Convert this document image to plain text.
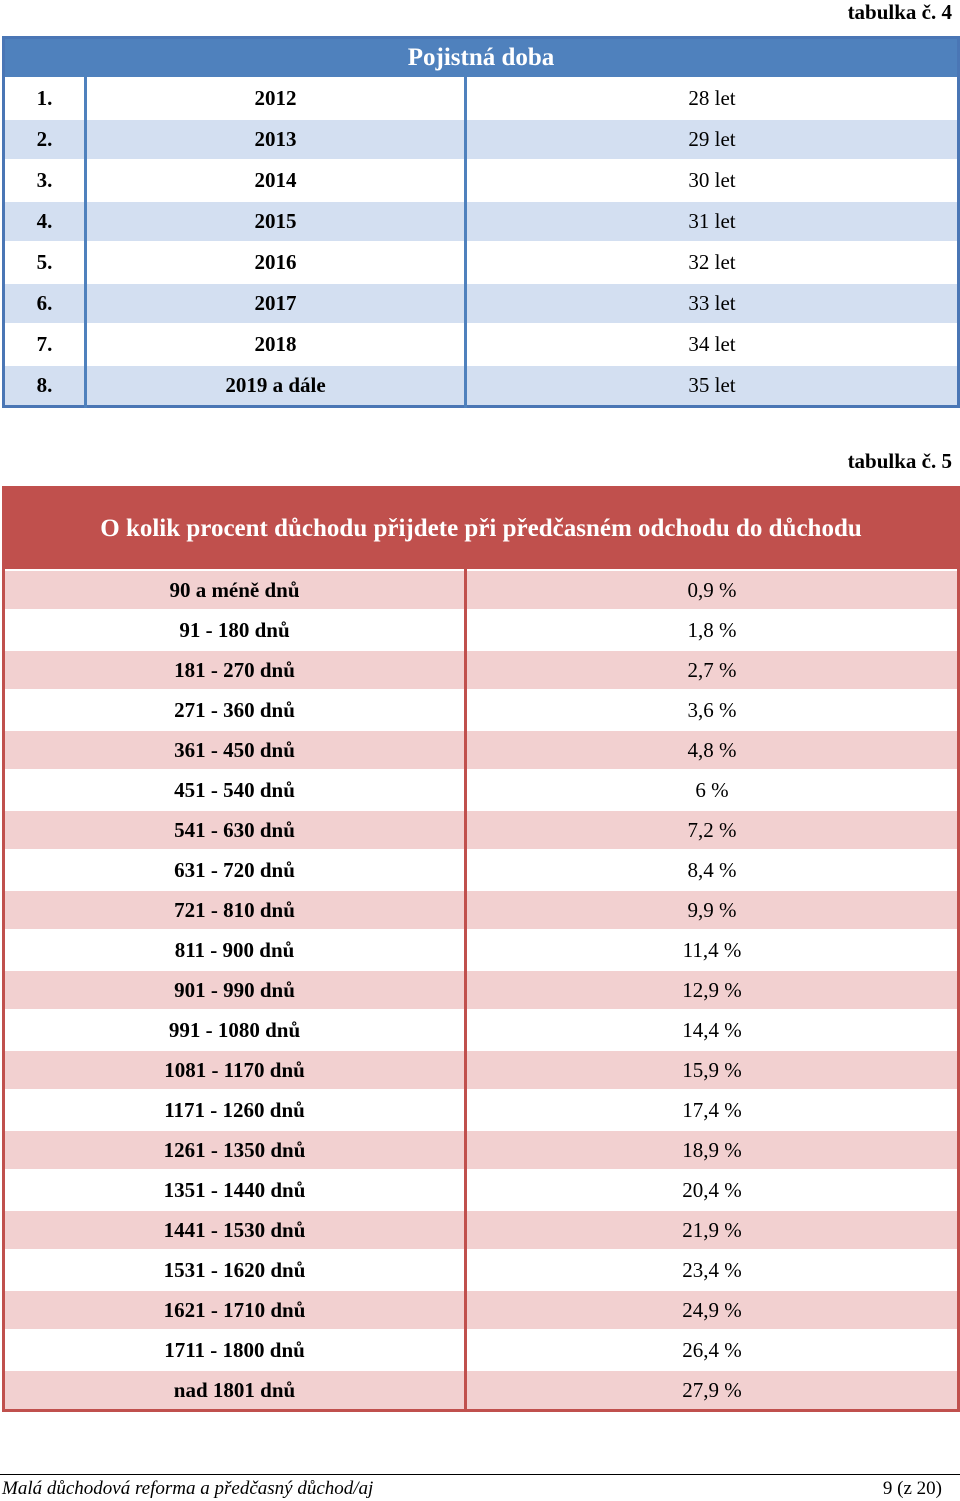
tabulka č. 4
Pojistná doba		
1.	2012	28 let
2.	2013	29 let
3.	2014	30 let
4.	2015	31 let
5.	2016	32 let
6.	2017	33 let
7.	2018	34 let
8.	2019 a dále	35 let
tabulka č. 5
O kolik procent důchodu přijdete při předčasném odchodu do důchodu	
90 a méně dnů	0,9 %
91 - 180 dnů	1,8 %
181 - 270 dnů	2,7 %
271 - 360 dnů	3,6 %
361 - 450 dnů	4,8 %
451 - 540 dnů	6 %
541 - 630 dnů	7,2 %
631 - 720 dnů	8,4 %
721 - 810 dnů	9,9 %
811 - 900 dnů	11,4 %
901 - 990 dnů	12,9 %
991 - 1080 dnů	14,4 %
1081 - 1170 dnů	15,9 %
1171 - 1260 dnů	17,4 %
1261 - 1350 dnů	18,9 %
1351 - 1440 dnů	20,4 %
1441 - 1530 dnů	21,9 %
1531 - 1620 dnů	23,4 %
1621 - 1710 dnů	24,9 %
1711 - 1800 dnů	26,4 %
nad 1801 dnů	27,9 %
Malá důchodová reforma a předčasný důchod/aj	9 (z 20)
